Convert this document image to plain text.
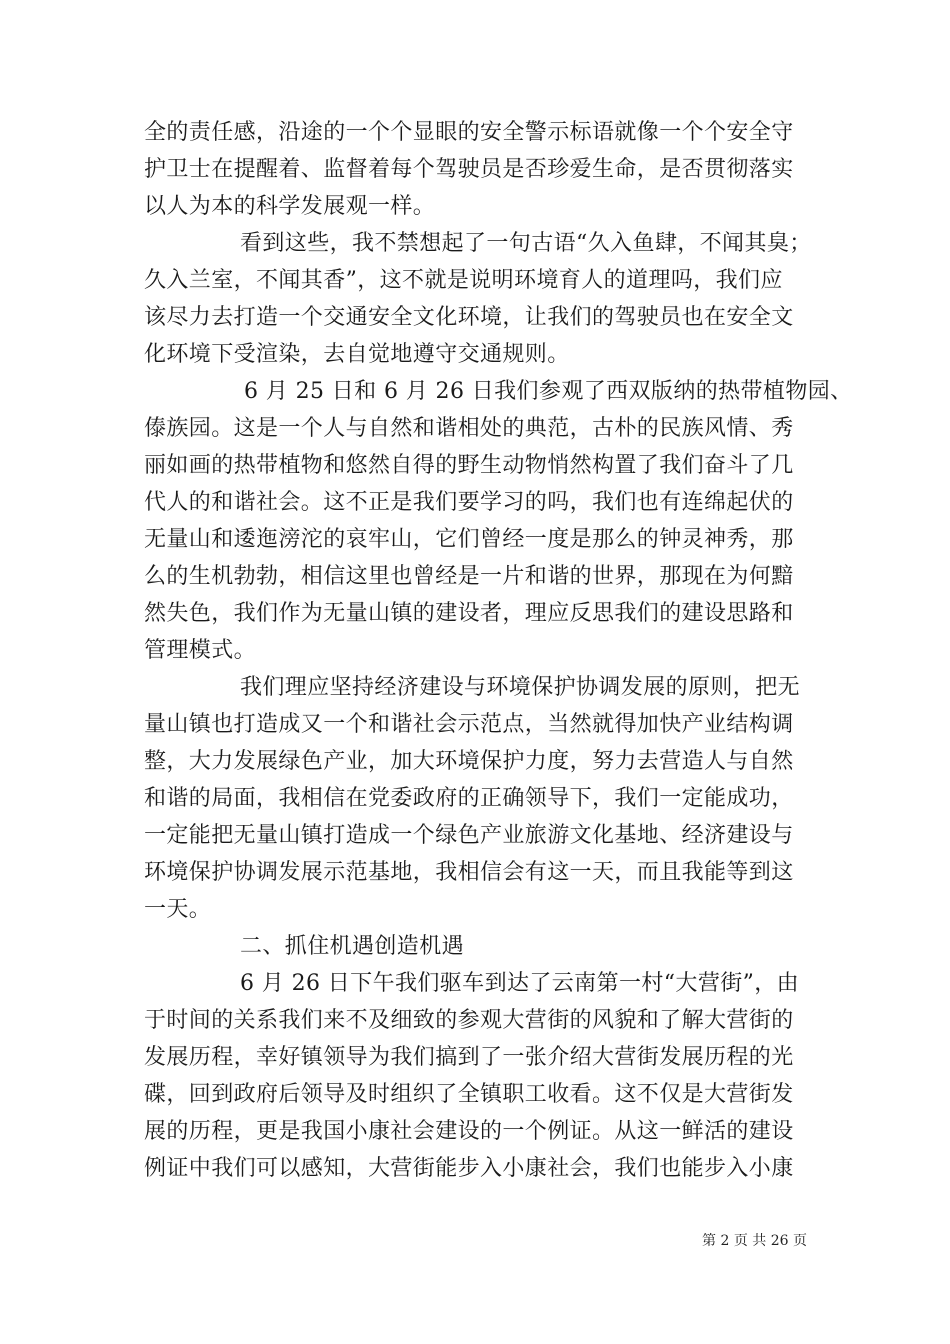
全的责任感，沿途的一个个显眼的安全警示标语就像一个个安全守
护卫士在提醒着、监督着每个驾驶员是否珍爱生命，是否贯彻落实
以人为本的科学发展观一样。
看到这些，我不禁想起了一句古语“久入鱼肆，不闻其臭；
久入兰室，不闻其香”，这不就是说明环境育人的道理吗，我们应
该尽力去打造一个交通安全文化环境，让我们的驾驶员也在安全文
化环境下受渲染，去自觉地遵守交通规则。
6 月 25 日和 6 月 26 日我们参观了西双版纳的热带植物园、
傣族园。这是一个人与自然和谐相处的典范，古朴的民族风情、秀
丽如画的热带植物和悠然自得的野生动物悄然构置了我们奋斗了几
代人的和谐社会。这不正是我们要学习的吗，我们也有连绵起伏的
无量山和逶迤滂沱的哀牢山，它们曾经一度是那么的钟灵神秀，那
么的生机勃勃，相信这里也曾经是一片和谐的世界，那现在为何黯
然失色，我们作为无量山镇的建设者，理应反思我们的建设思路和
管理模式。
我们理应坚持经济建设与环境保护协调发展的原则，把无
量山镇也打造成又一个和谐社会示范点，当然就得加快产业结构调
整，大力发展绿色产业，加大环境保护力度，努力去营造人与自然
和谐的局面，我相信在党委政府的正确领导下，我们一定能成功，
一定能把无量山镇打造成一个绿色产业旅游文化基地、经济建设与
环境保护协调发展示范基地，我相信会有这一天，而且我能等到这
一天。
二、抓住机遇创造机遇
6 月 26 日下午我们驱车到达了云南第一村“大营街”，由
于时间的关系我们来不及细致的参观大营街的风貌和了解大营街的
发展历程，幸好镇领导为我们搞到了一张介绍大营街发展历程的光
碟，回到政府后领导及时组织了全镇职工收看。这不仅是大营街发
展的历程，更是我国小康社会建设的一个例证。从这一鲜活的建设
例证中我们可以感知，大营街能步入小康社会，我们也能步入小康
第 2 页 共 26 页
